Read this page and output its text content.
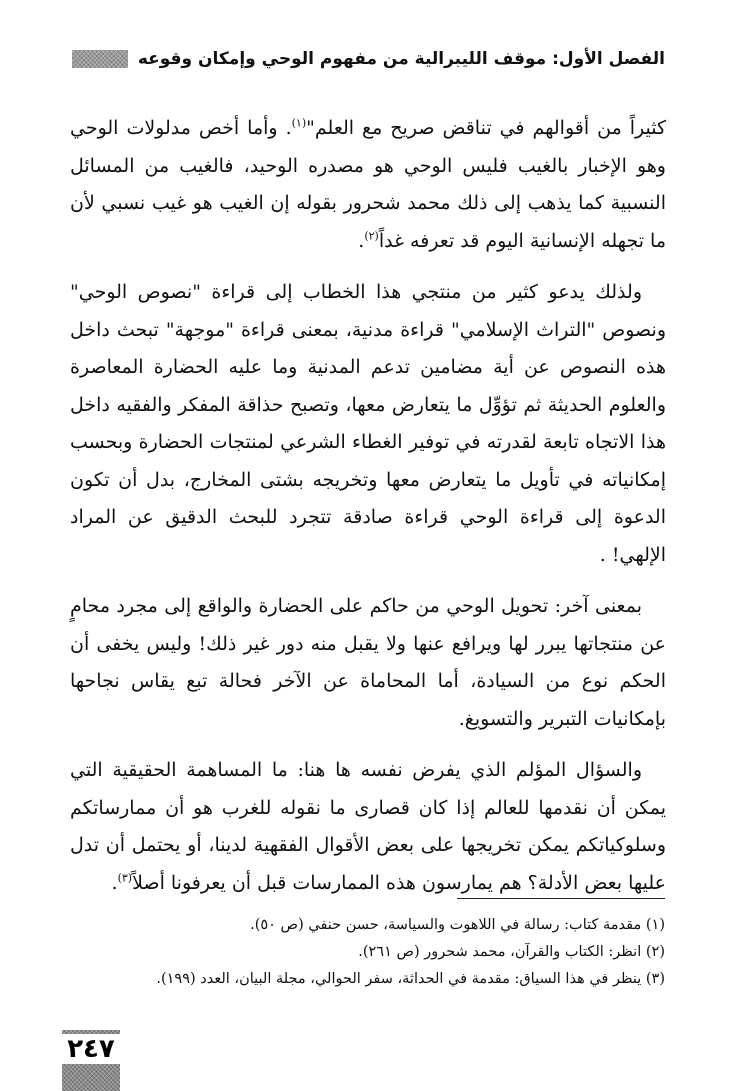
الفصل الأول: موقف الليبرالية من مفهوم الوحي وإمكان وقوعه

كثيراً من أقوالهم في تناقض صريح مع العلم"$^{(١)}$. وأما أخص مدلولات الوحي وهو الإخبار بالغيب فليس الوحي هو مصدره الوحيد، فالغيب من المسائل النسبية كما يذهب إلى ذلك محمد شحرور بقوله إن الغيب هو غيب نسبي لأن ما تجهله الإنسانية اليوم قد تعرفه غداً$^{(٢)}$.

ولذلك يدعو كثير من منتجي هذا الخطاب إلى قراءة "نصوص الوحي" ونصوص "التراث الإسلامي" قراءة مدنية، بمعنى قراءة "موجهة" تبحث داخل هذه النصوص عن أية مضامين تدعم المدنية وما عليه الحضارة المعاصرة والعلوم الحديثة ثم تؤوِّل ما يتعارض معها، وتصبح حذاقة المفكر والفقيه داخل هذا الاتجاه تابعة لقدرته في توفير الغطاء الشرعي لمنتجات الحضارة وبحسب إمكانياته في تأويل ما يتعارض معها وتخريجه بشتى المخارج، بدل أن تكون الدعوة إلى قراءة الوحي قراءة صادقة تتجرد للبحث الدقيق عن المراد الإلهي! .

بمعنى آخر: تحويل الوحي من حاكم على الحضارة والواقع إلى مجرد محامٍ عن منتجاتها يبرر لها ويرافع عنها ولا يقبل منه دور غير ذلك! وليس يخفى أن الحكم نوع من السيادة، أما المحاماة عن الآخر فحالة تبع يقاس نجاحها بإمكانيات التبرير والتسويغ.

والسؤال المؤلم الذي يفرض نفسه ها هنا: ما المساهمة الحقيقية التي يمكن أن نقدمها للعالم إذا كان قصارى ما نقوله للغرب هو أن ممارساتكم وسلوكياتكم يمكن تخريجها على بعض الأقوال الفقهية لدينا، أو يحتمل أن تدل عليها بعض الأدلة؟ هم يمارسون هذه الممارسات قبل أن يعرفونا أصلاً$^{(٣)}$.

(١) مقدمة كتاب: رسالة في اللاهوت والسياسة، حسن حنفي (ص ٥٠).

(٢) انظر: الكتاب والقرآن، محمد شحرور (ص ٢٦١).

(٣) ينظر في هذا السياق: مقدمة في الحداثة، سفر الحوالي، مجلة البيان، العدد (١٩٩).

٢٤٧
